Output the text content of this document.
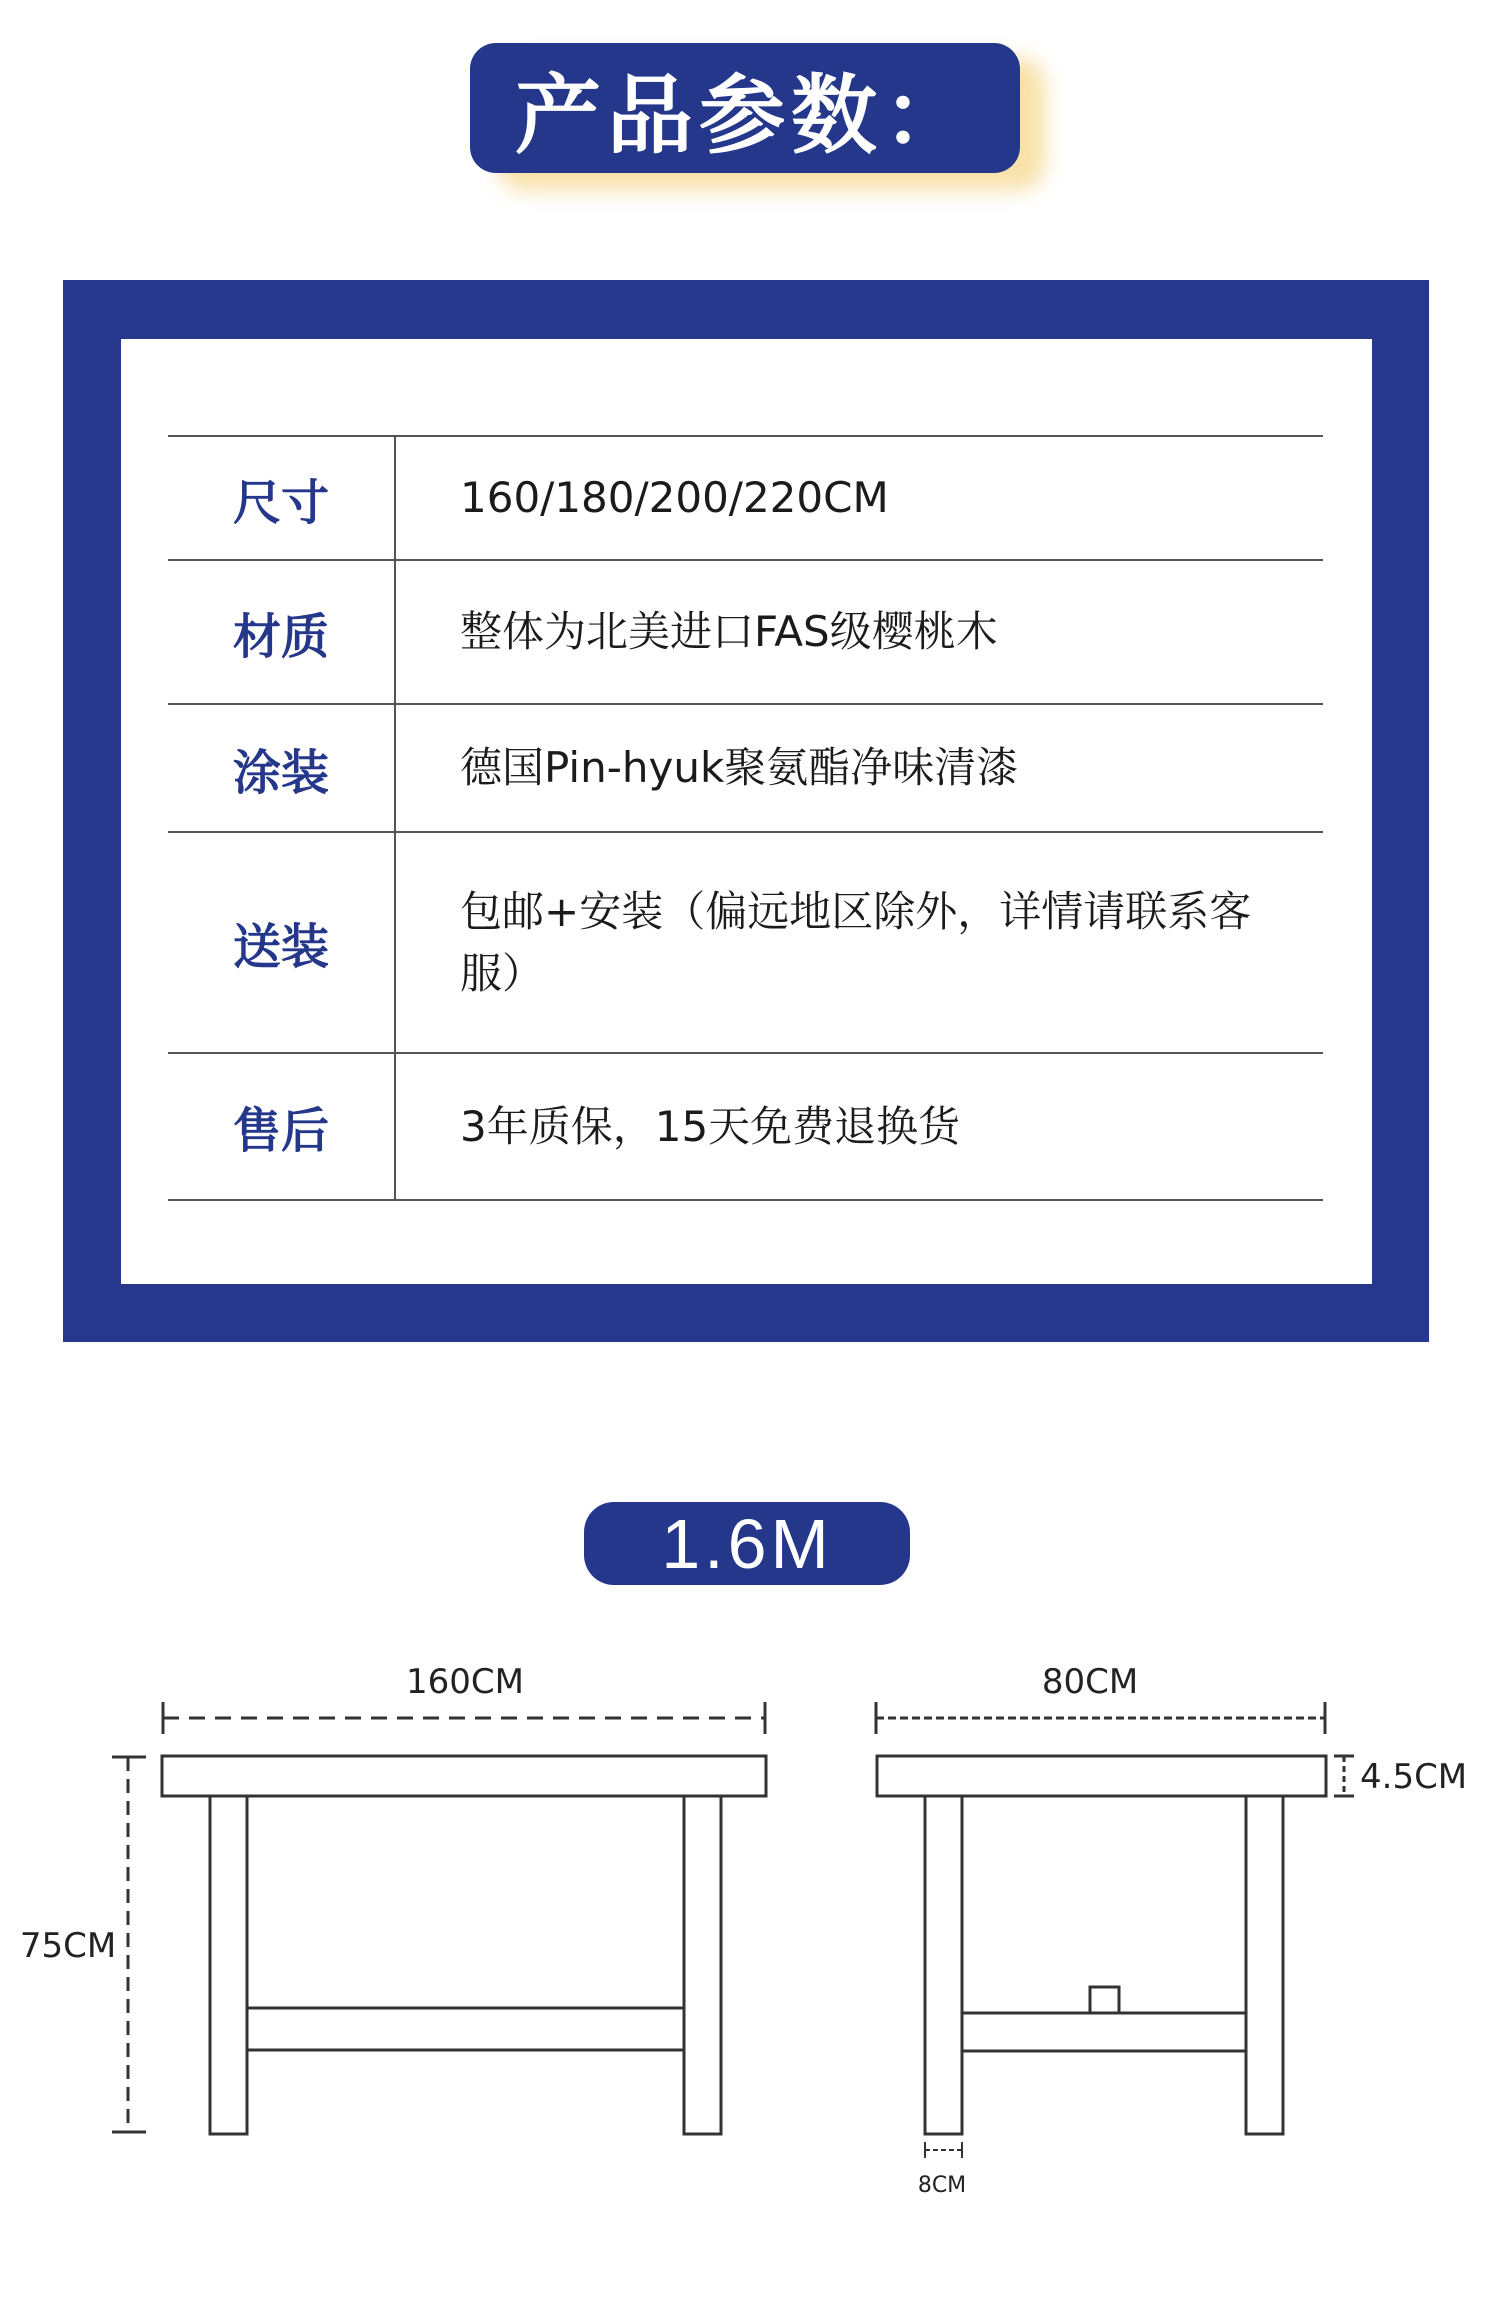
产品参数：
尺寸	160/180/200/220CM
材质	整体为北美进口FAS级樱桃木
涂装	德国Pin-hyuk聚氨酯净味清漆
送装	包邮+安装（偏远地区除外，详情请联系客服）
售后	3年质保，15天免费退换货
1.6M
160CM
75CM
80CM
4.5CM
8CM
